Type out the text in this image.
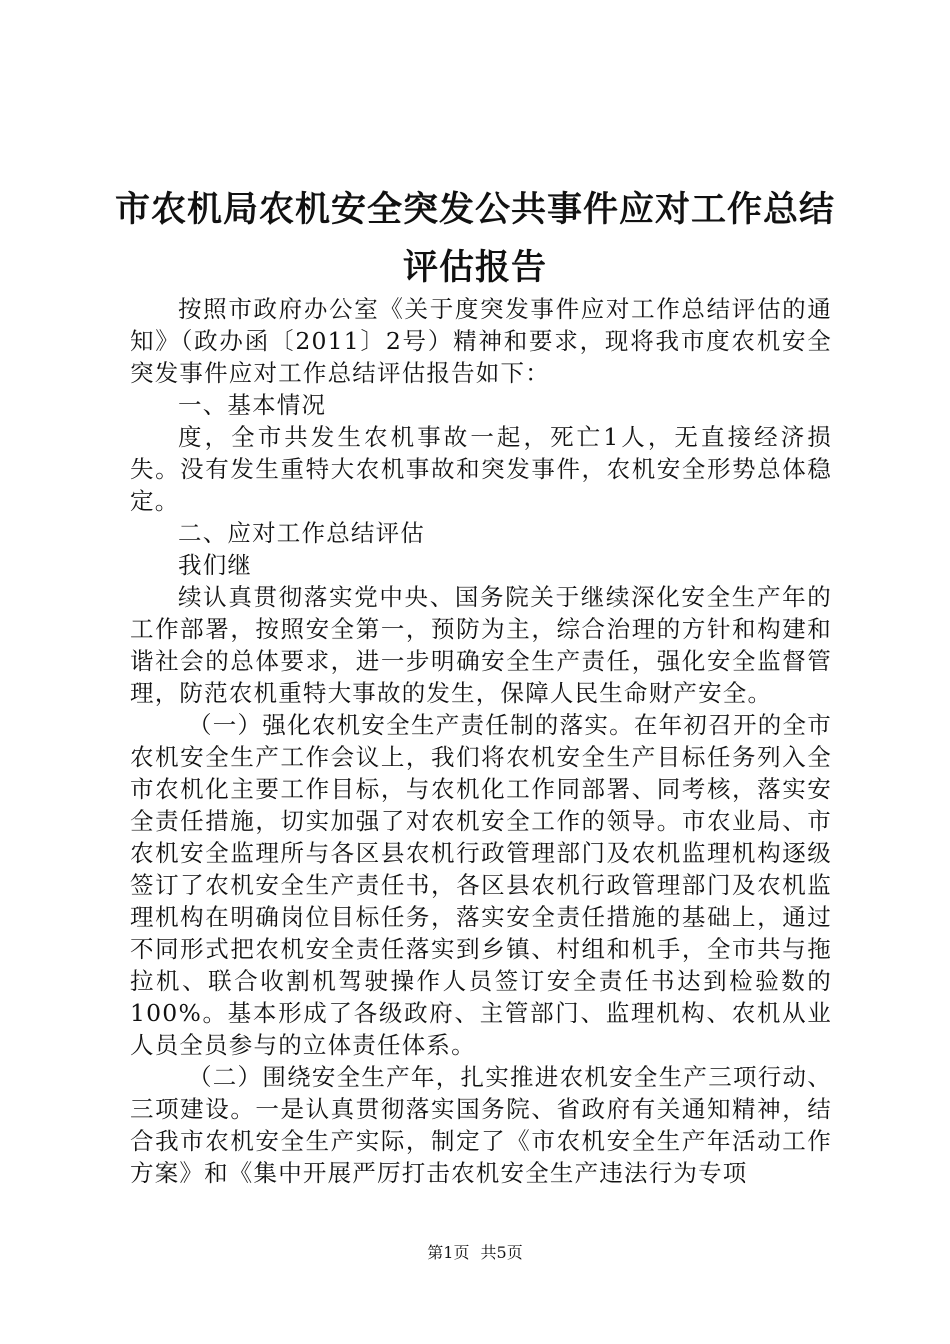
市农机局农机安全突发公共事件应对工作总结
评估报告

按照市政府办公室《关于度突发事件应对工作总结评估的通知》（政办函〔2011〕2号）精神和要求，现将我市度农机安全突发事件应对工作总结评估报告如下：

一、基本情况

度，全市共发生农机事故一起，死亡1人，无直接经济损失。没有发生重特大农机事故和突发事件，农机安全形势总体稳定。

二、应对工作总结评估

我们继

续认真贯彻落实党中央、国务院关于继续深化安全生产年的工作部署，按照安全第一，预防为主，综合治理的方针和构建和谐社会的总体要求，进一步明确安全生产责任，强化安全监督管理，防范农机重特大事故的发生，保障人民生命财产安全。

（一）强化农机安全生产责任制的落实。在年初召开的全市农机安全生产工作会议上，我们将农机安全生产目标任务列入全市农机化主要工作目标，与农机化工作同部署、同考核，落实安全责任措施，切实加强了对农机安全工作的领导。市农业局、市农机安全监理所与各区县农机行政管理部门及农机监理机构逐级签订了农机安全生产责任书，各区县农机行政管理部门及农机监理机构在明确岗位目标任务，落实安全责任措施的基础上，通过不同形式把农机安全责任落实到乡镇、村组和机手，全市共与拖拉机、联合收割机驾驶操作人员签订安全责任书达到检验数的100%。基本形成了各级政府、主管部门、监理机构、农机从业人员全员参与的立体责任体系。

（二）围绕安全生产年，扎实推进农机安全生产三项行动、三项建设。一是认真贯彻落实国务院、省政府有关通知精神，结合我市农机安全生产实际，制定了《市农机安全生产年活动工作方案》和《集中开展严厉打击农机安全生产违法行为专项

第1页 共5页
